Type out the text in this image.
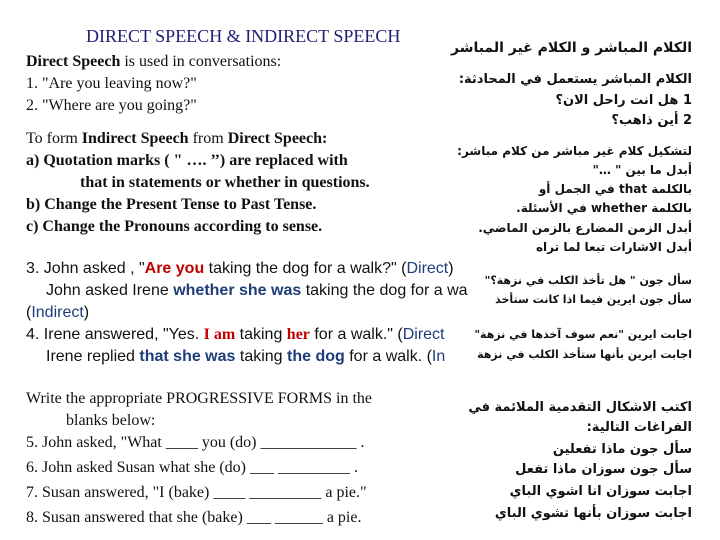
DIRECT SPEECH & INDIRECT SPEECH
Direct Speech is used in conversations:
1. "Are you leaving now?"
2. "Where are you going?"
To form Indirect Speech from Direct Speech:
a) Quotation marks ( " …. ’’) are replaced with
that in statements or whether in questions.
b) Change the Present Tense to Past Tense.
c) Change the Pronouns according to sense.
3. John asked , "Are you taking the dog for a walk?" (Direct)
John asked Irene whether she was taking the dog for a wa
(Indirect)
4. Irene answered, "Yes. I am taking her for a walk." (Direct
Irene replied that she was taking the dog for a walk. (In
Write the appropriate PROGRESSIVE FORMS in the
blanks below:
5. John asked, "What ____ you (do) ____________ .
6. John asked Susan what she (do) ___ _________ .
7. Susan answered, "I (bake) ____ _________ a pie."
8. Susan answered that she (bake) ___ ______ a pie.
الكلام المباشر و الكلام غير المباشر
الكلام المباشر يستعمل في المحادثة:
1 هل انت راحل الان؟
2 أين ذاهب؟
لتشكيل كلام غير مباشر من كلام مباشر:
أبدل ما بين " …"
بالكلمة that في الجمل أو
بالكلمة whether في الأسئلة.
أبدل الزمن المضارع بالزمن الماضي.
أبدل الاشارات تبعا لما تراه
سأل جون " هل تأخذ الكلب في نزهة؟"
سأل جون ايرين فيما اذا كانت ستأخذ
اجابت ايرين "نعم سوف آخذها في نزهة"
اجابت ايرين بأنها ستأخذ الكلب في نزهة
اكتب الاشكال التقدمية الملائمة في
الفراغات التالية:
سأل جون ماذا تفعلين
سأل جون سوزان ماذا تفعل
اجابت سوزان انا اشوي الباي
اجابت سوزان بأنها تشوي الباي
